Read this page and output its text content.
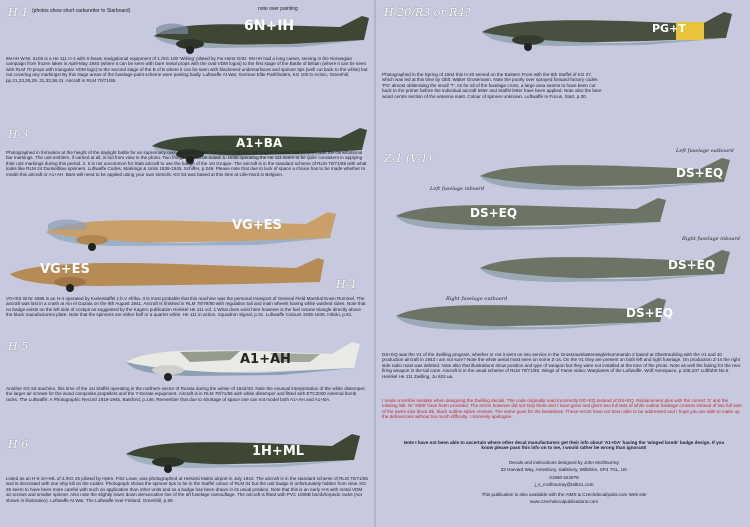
H-1 (photos show short carburettor to Starboard)	note over painting
6N+IH
6N+IH W.Nr. 5105 is a He 111 H-1 with X-beam navigational equipment of 1./KG 100 'Wiking' piloted by Fw Horst Götz. 6N+IH had a long career, serving in the Norwegian campaign from frozen lakes in April-May 1940 (where it can be seen with bare metal props with the oval VDM logos) to the first stage of the Battle of Britain (where it can be seen with RLM 70 props with triangular VDM logo) to the second stage of the B of B where it can be seen with blackened undersurfaces and spinner tips (well cut back to the white) but not covering any markings! By this stage areas of the fuselage paint scheme were peeling badly. Luftwaffe At War, German Elite Pathfinders, KG 100 in Action, Greenhill, pp.21,23,28,29, 31,33,38,41. Aircraft in RLM 70/71/65.
H-3
A1+BA
Photographed in formation at the height of the daylight battle for air supremacy over the British Isles, the H-3 of Stab./KG 53 'Legion Condor' can be seen with the constitutional bar markings. The unit emblem, if carried at all, is hid from view in the photo. Two things need to be noted: 1. Units operating the He 111 seem to be quite consistent in applying their unit markings during this period. 2. It is not uncommon for Stab aircraft to use the badge of the 1st Gruppe. The aircraft is in the standard scheme of RLM 70/71/65 with what looks like RLM 24 Dunkelblau spinners. Luftwaffe Codes, Markings & Units 1939-1945, Schiffer, p.249. Please note that due to lack of space a choice has to be made whether to model this aircraft or A1+AH. Bars will need to be applied using your own stencils. KG 53 was based at this time at Lille-Nord in Belgium.
VG+ES
VG+ES
H-4
VG+ES W.Nr 4085 is an H-4 operated by Kurierstaffel z.b.V Afrika. It is most probable that this machine was the personal transport of General Field Marshal Erwin Rommel. The aircraft was lost in a crash at Ain el Gazala on the 9th August 1941. Aircraft is finished in RLM 78/79/80 with regulation tail and main wheels having white washed sides. Note that no badge exists on the left side of cockpit as suggested by the Kagero publication Heinkel He 111 vol. 1 What does exist here however is the fuel octane triangle directly above the black manufacturers plate. Note that the spinners are either half or a quarter white. He 111 in action, Squadron Signal, p.31. Luftwaffe Colours 1935-1945, Hikoki, p.81.
H-5
A1+AH
Another KG 53 machine, this time of the 1st Staffel operating in the northern sector of Russia during the winter of 1942/43. Note the unusual interpretation of the white distemper; the larger air screws for the wood composite propellers and the Y-Gerate equipment. Aircraft is in RLM 70/71/65 with white distemper and fitted with ETC2000 external bomb racks. The Luftwaffe: A Photographic Record 1919-1945, Batsford, p.146. Remember that due to shortage of space one can not model both A1+AH and A1+BA.
H-6	1H+ML
Listed as an H-6 1H+ML of 3./KG 26 piloted by Hptm. Fritz Lowe, was photographed at Helsinki Malmi airport in July 1942. The aircraft is in the standard scheme of RLM 70/71/65 and is decorated with one ship kill on the rudder. Photograph shows the spinner tips to be in the Staffel colour of RLM 04 but the unit badge is unfortunately hidden from view. KG 26 seem to have been more careful with such an application than other units and so a badge has been drawn in its usual position. Note that this is an early H-6 with metal VDM air screws and smaller spinner. Also note the slightly lower down demarcation line of the aft fuselage camouflage. The aircraft is fitted with PVC 1006B bomb/torpedo racks (not shown in illustration). Luftwaffe At War, The Luftwaffe over Finland, Greenhill, p.59.
H-20/R3 or R4?
PG+T
Photographed in the Spring of 1944 this H-20 served on the Eastern Front with the 8th Staffel of KG 27, which was led at this time by Oblt. Walter Grosemann. Note the poorly over sprayed forward factory codes 'PG' almost obliterating the small 'T'. As for all of the fuselage cross, a large area seems to have been cut back to the primer before the individual aircraft letter and Staffel letter have been applied. Note also the bare wood centre section of the antenna mast. Colour of spinner unknown. Luftwaffe In Focus, Start, p.30.
Z-1 (V-1)
Left fuselage outboard
DS+EQ
Left fuselage inboard
DS+EQ
Right fuselage inboard
DS+EQ
Right fuselage outboard
DS+EQ
DS+EQ was the V1 of the Zwilling program, whether or not it went on into service in the Grossraumlastenseglerkommando 2 based at Obertraubling with the V1 and 10 production aircraft in 1943 I am not sure? Note the white aerial mast seen on some Z-1s. On the V1 they are present on both left and right fuselage. On production Z-1s the right side radio mast was deleted. Note also that illustrations show position and type of weapon but they were not installed at the time of the photo. Note as well the fairing for the rear firing weapon in the tail cone. Aircraft is in the usual scheme of RLM 70/71/65. Wings of Fame video; Warplanes of the Luftwaffe, Wolf Aerospace, p.106,107 Luftfahrt No.5 Heinkel He 111 Zwilling, Ju 632.ua.
I made a terrible mistake when designing the Zwilling decals. The code originally read incorrectly DG+EQ instead of DS+EQ. Replacement plus with the correct 'S' and the missing Wk. Nr '2686' have been provided. The errors however did not stop there and I have gone and given two full sets of white outline fuselage crosses instead of two full sets of the same size black Bk, black outline styles crosses. The same goes for the beamlines. These errors have not been able to be addressed and I hope you are able to make up the deficiencies without too much difficulty. I sincerely apologise.
Note I have not been able to ascertain where other decal manufacturers get their info about 'A1+DA' having the 'winged bomb' badge design. If you know please pass this info on to me, I would rather be wrong than ignorant!
Decals and instructions designed by John McIllmurray
32 Harvard Way, Amesbury, Salisbury, Wiltshire, SP4 7GL, UK
01980 622978
j_s_mcillmurray@talk21.com
This publication is also available with the AIMS & Czechdecal/pubs.com Web site
www.czechdecalpublications.com
